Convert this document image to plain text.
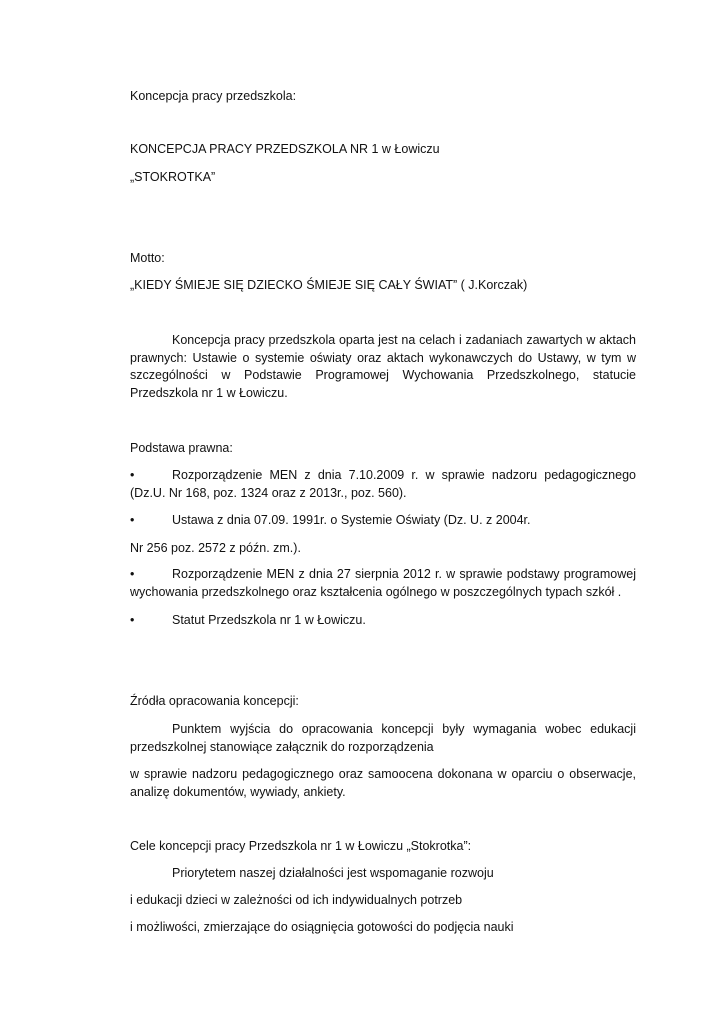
Koncepcja pracy przedszkola:
KONCEPCJA PRACY PRZEDSZKOLA NR 1 w Łowiczu
„STOKROTKA”
Motto:
„KIEDY ŚMIEJE SIĘ DZIECKO ŚMIEJE SIĘ CAŁY ŚWIAT” ( J.Korczak)
Koncepcja pracy przedszkola oparta jest na celach i zadaniach zawartych w aktach prawnych: Ustawie o systemie oświaty oraz aktach wykonawczych do Ustawy, w tym w szczególności w Podstawie Programowej Wychowania Przedszkolnego, statucie Przedszkola nr 1 w Łowiczu.
Podstawa prawna:
•	Rozporządzenie MEN z dnia 7.10.2009 r. w sprawie nadzoru pedagogicznego (Dz.U. Nr 168, poz. 1324 oraz z 2013r., poz. 560).
•	Ustawa z dnia 07.09. 1991r. o Systemie Oświaty (Dz. U. z 2004r.
Nr 256 poz. 2572 z późn. zm.).
•	Rozporządzenie MEN z dnia 27 sierpnia 2012 r. w sprawie podstawy programowej wychowania przedszkolnego oraz kształcenia ogólnego w poszczególnych typach szkół .
•	Statut Przedszkola nr 1 w Łowiczu.
Źródła opracowania koncepcji:
Punktem wyjścia do opracowania koncepcji były wymagania wobec edukacji przedszkolnej stanowiące załącznik do rozporządzenia
w sprawie nadzoru pedagogicznego oraz samoocena dokonana w oparciu o obserwacje, analizę dokumentów, wywiady, ankiety.
Cele koncepcji pracy Przedszkola nr 1 w Łowiczu „Stokrotka”:
Priorytetem naszej działalności jest wspomaganie rozwoju
i edukacji dzieci w zależności od ich indywidualnych potrzeb
i możliwości, zmierzające do osiągnięcia gotowości do podjęcia nauki
